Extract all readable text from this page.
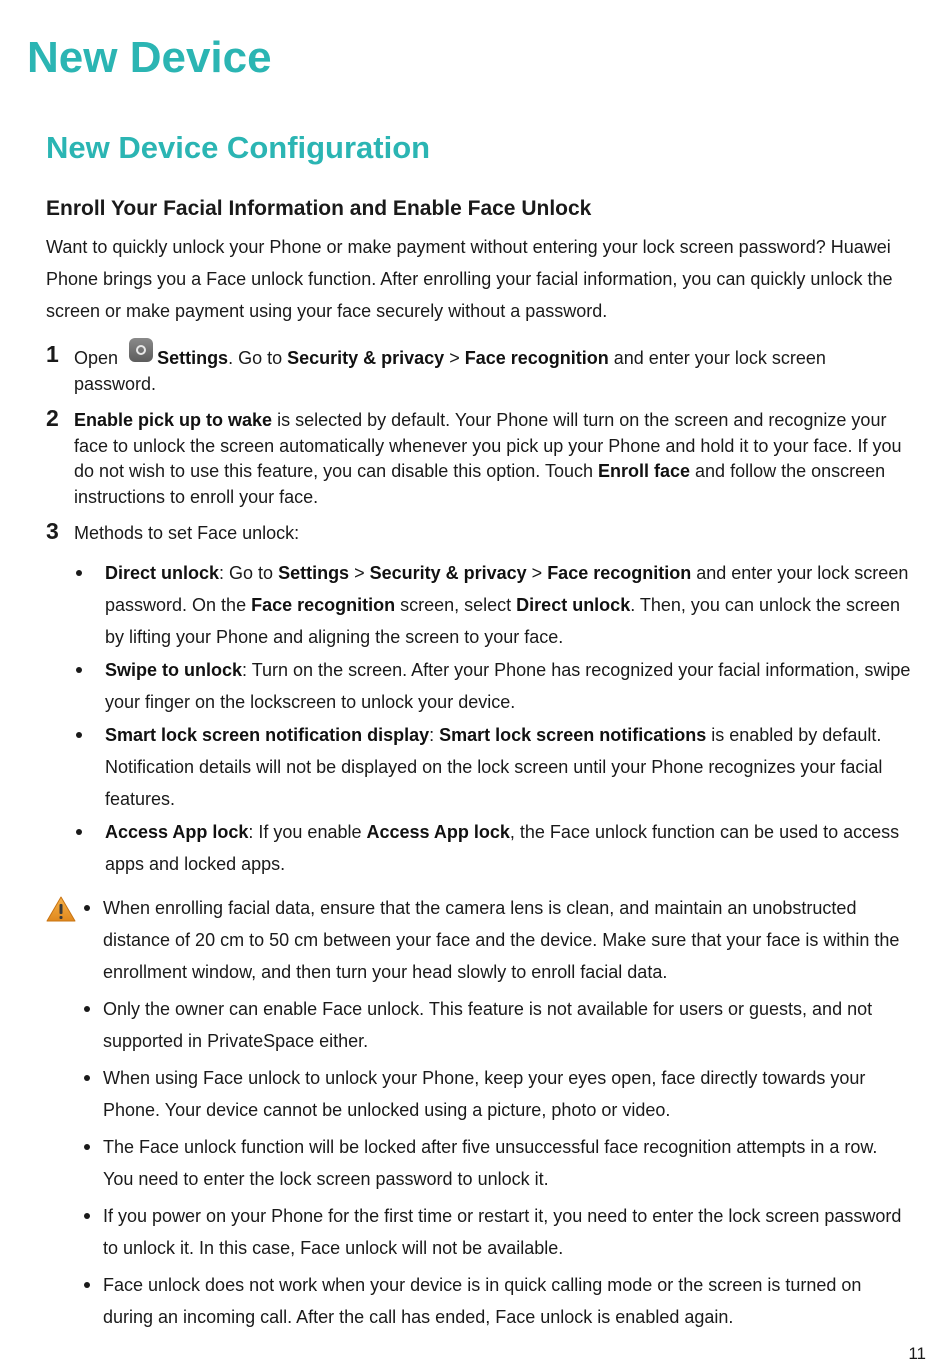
New Device
New Device Configuration
Enroll Your Facial Information and Enable Face Unlock

Want to quickly unlock your Phone or make payment without entering your lock screen password? Huawei Phone brings you a Face unlock function. After enrolling your facial information, you can quickly unlock the screen or make payment using your face securely without a password.

1 Open Settings. Go to Security & privacy > Face recognition and enter your lock screen password.
2 Enable pick up to wake is selected by default. Your Phone will turn on the screen and recognize your face to unlock the screen automatically whenever you pick up your Phone and hold it to your face. If you do not wish to use this feature, you can disable this option. Touch Enroll face and follow the onscreen instructions to enroll your face.
3 Methods to set Face unlock:
Direct unlock: Go to Settings > Security & privacy > Face recognition and enter your lock screen password. On the Face recognition screen, select Direct unlock. Then, you can unlock the screen by lifting your Phone and aligning the screen to your face.
Swipe to unlock: Turn on the screen. After your Phone has recognized your facial information, swipe your finger on the lockscreen to unlock your device.
Smart lock screen notification display: Smart lock screen notifications is enabled by default. Notification details will not be displayed on the lock screen until your Phone recognizes your facial features.
Access App lock: If you enable Access App lock, the Face unlock function can be used to access apps and locked apps.
When enrolling facial data, ensure that the camera lens is clean, and maintain an unobstructed distance of 20 cm to 50 cm between your face and the device. Make sure that your face is within the enrollment window, and then turn your head slowly to enroll facial data.
Only the owner can enable Face unlock. This feature is not available for users or guests, and not supported in PrivateSpace either.
When using Face unlock to unlock your Phone, keep your eyes open, face directly towards your Phone. Your device cannot be unlocked using a picture, photo or video.
The Face unlock function will be locked after five unsuccessful face recognition attempts in a row. You need to enter the lock screen password to unlock it.
If you power on your Phone for the first time or restart it, you need to enter the lock screen password to unlock it. In this case, Face unlock will not be available.
Face unlock does not work when your device is in quick calling mode or the screen is turned on during an incoming call. After the call has ended, Face unlock is enabled again.
11
